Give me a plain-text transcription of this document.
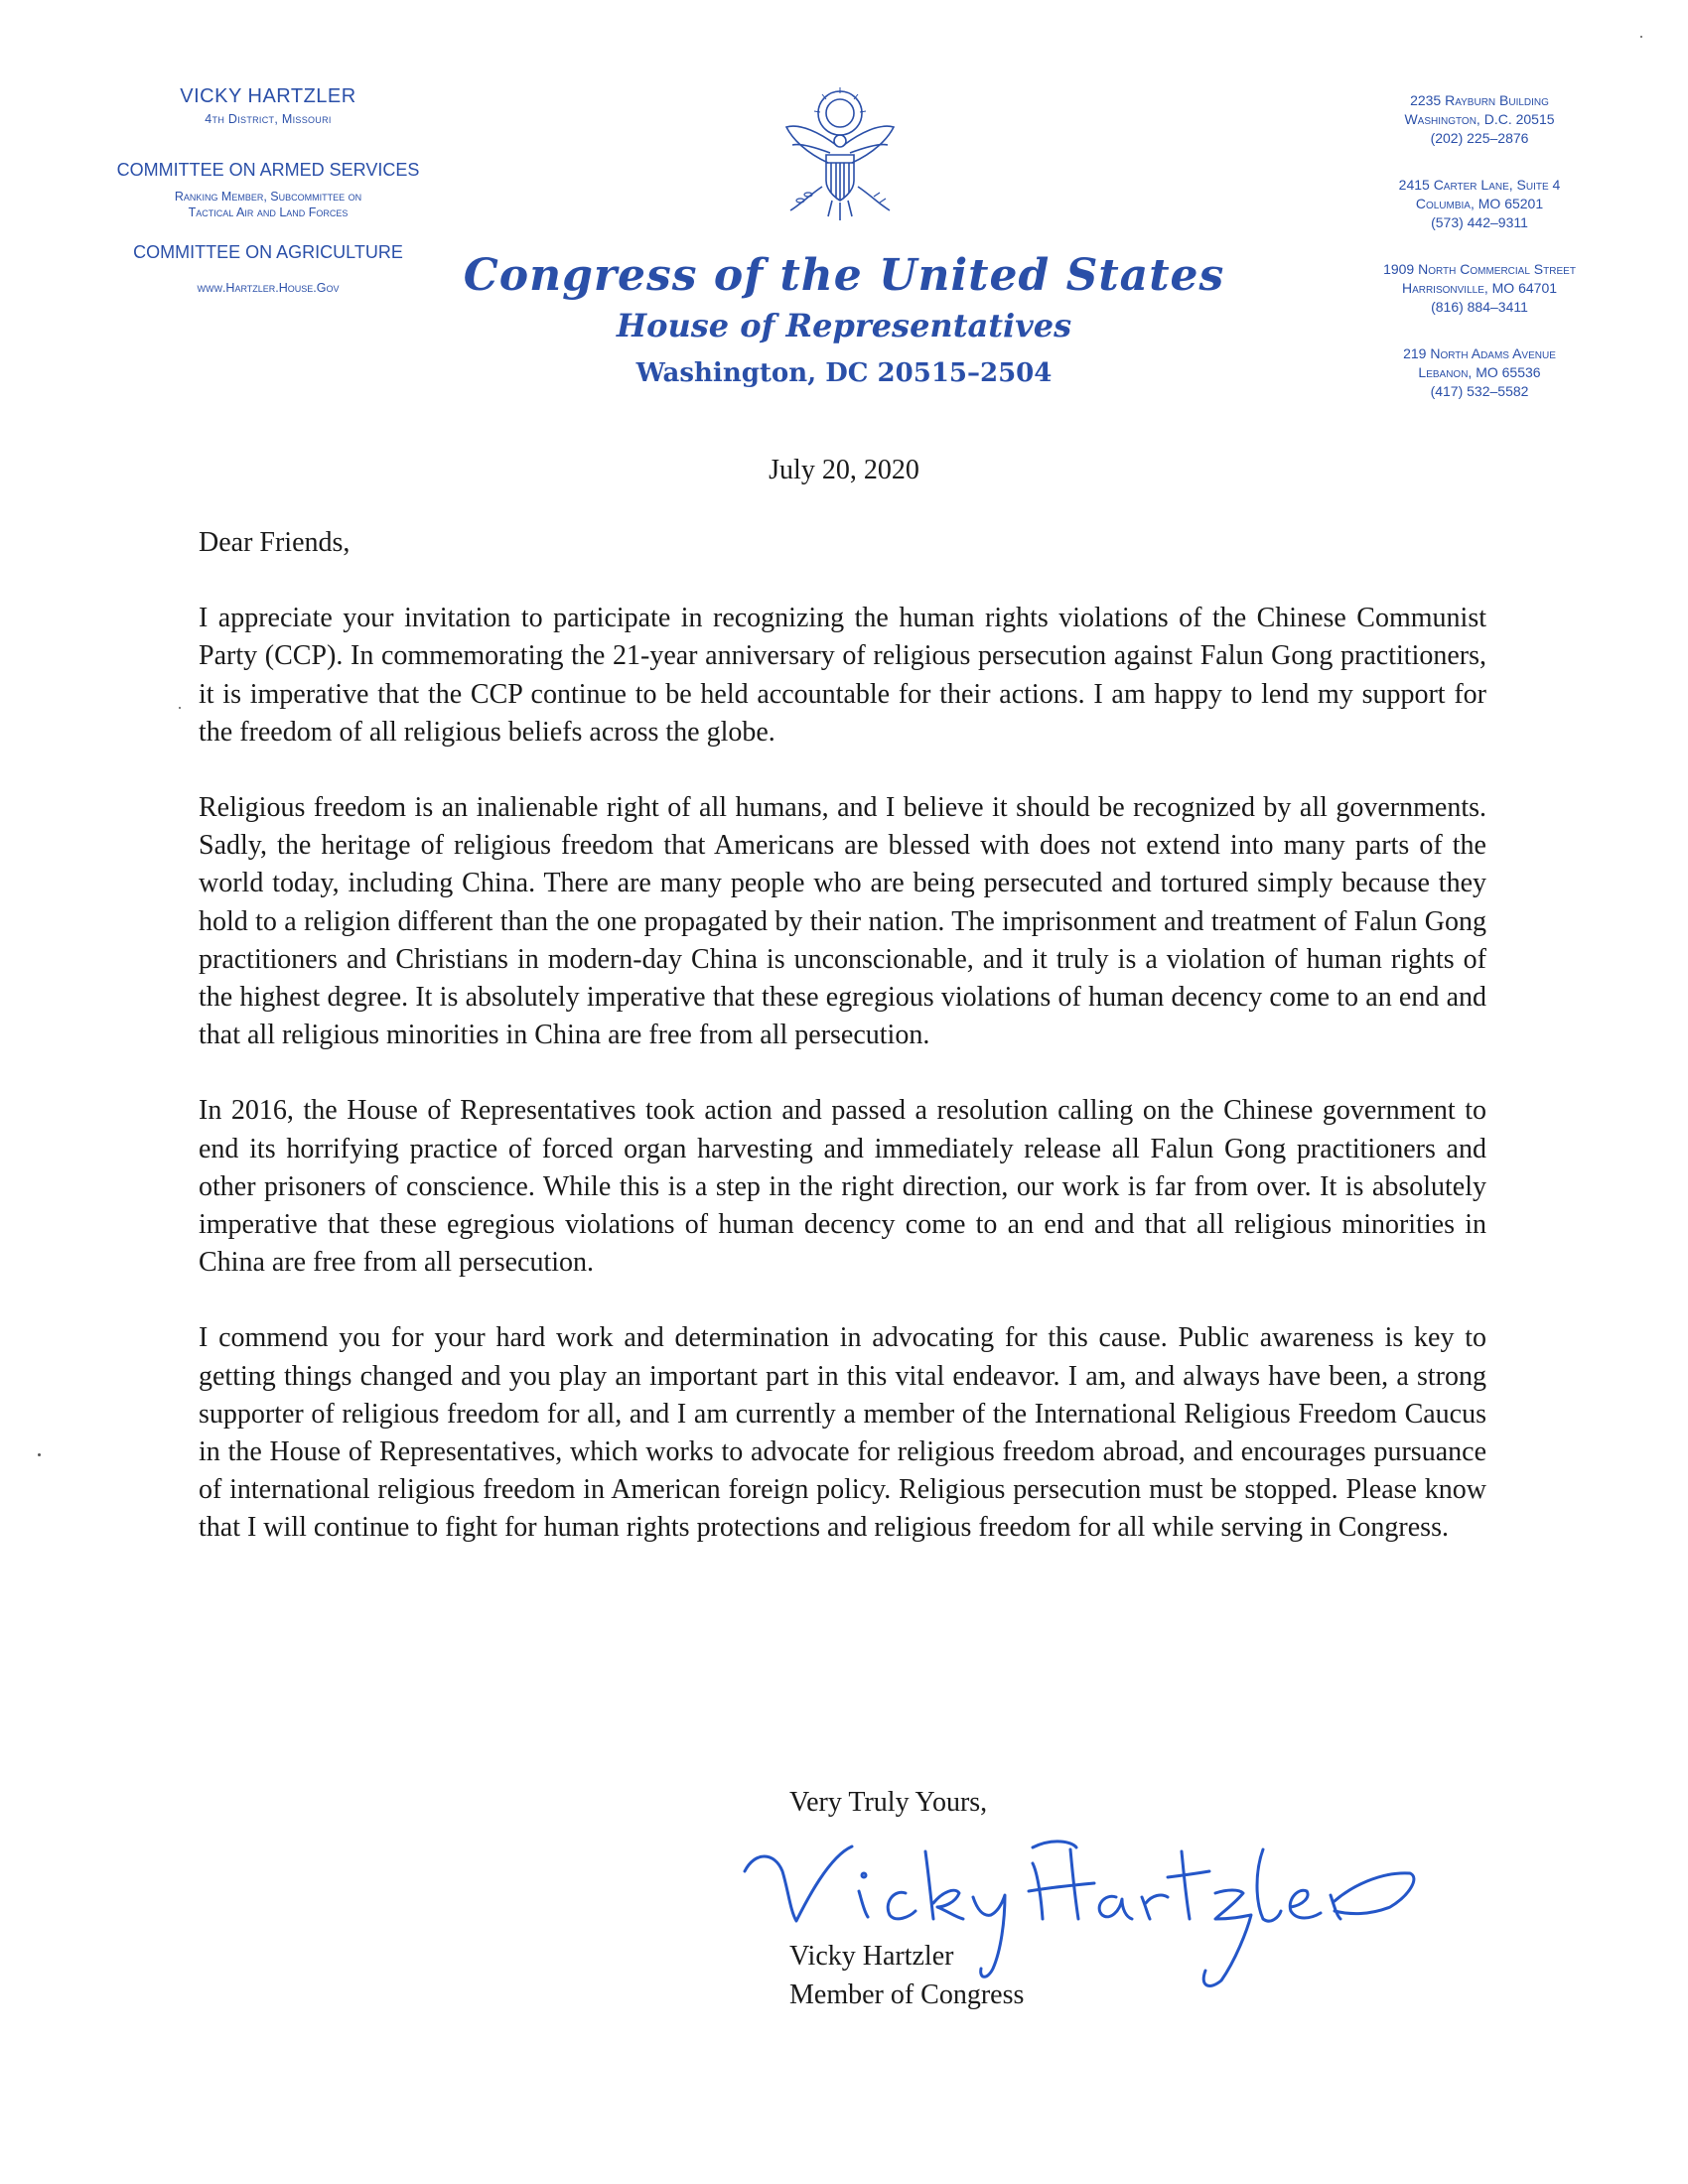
VICKY HARTZLER
4th District, Missouri
COMMITTEE ON ARMED SERVICES
Ranking Member, Subcommittee on
Tactical Air and Land Forces
COMMITTEE ON AGRICULTURE
www.Hartzler.House.Gov	Congress of the United States
House of Representatives
Washington, DC 20515–2504
2235 Rayburn Building
Washington, D.C. 20515
(202) 225–2876
2415 Carter Lane, Suite 4
Columbia, MO 65201
(573) 442–9311
1909 North Commercial Street
Harrisonville, MO 64701
(816) 884–3411
219 North Adams Avenue
Lebanon, MO 65536
(417) 532–5582
July 20, 2020

Dear Friends,

I appreciate your invitation to participate in recognizing the human rights violations of the Chinese Communist Party (CCP). In commemorating the 21-year anniversary of religious persecution against Falun Gong practitioners, it is imperative that the CCP continue to be held accountable for their actions. I am happy to lend my support for the freedom of all religious beliefs across the globe.

Religious freedom is an inalienable right of all humans, and I believe it should be recognized by all governments. Sadly, the heritage of religious freedom that Americans are blessed with does not extend into many parts of the world today, including China. There are many people who are being persecuted and tortured simply because they hold to a religion different than the one propagated by their nation. The imprisonment and treatment of Falun Gong practitioners and Christians in modern-day China is unconscionable, and it truly is a violation of human rights of the highest degree. It is absolutely imperative that these egregious violations of human decency come to an end and that all religious minorities in China are free from all persecution.

In 2016, the House of Representatives took action and passed a resolution calling on the Chinese government to end its horrifying practice of forced organ harvesting and immediately release all Falun Gong practitioners and other prisoners of conscience. While this is a step in the right direction, our work is far from over. It is absolutely imperative that these egregious violations of human decency come to an end and that all religious minorities in China are free from all persecution.

I commend you for your hard work and determination in advocating for this cause. Public awareness is key to getting things changed and you play an important part in this vital endeavor. I am, and always have been, a strong supporter of religious freedom for all, and I am currently a member of the International Religious Freedom Caucus in the House of Representatives, which works to advocate for religious freedom abroad, and encourages pursuance of international religious freedom in American foreign policy. Religious persecution must be stopped. Please know that I will continue to fight for human rights protections and religious freedom for all while serving in Congress.

Very Truly Yours,
Vicky Hartzler
Member of Congress
